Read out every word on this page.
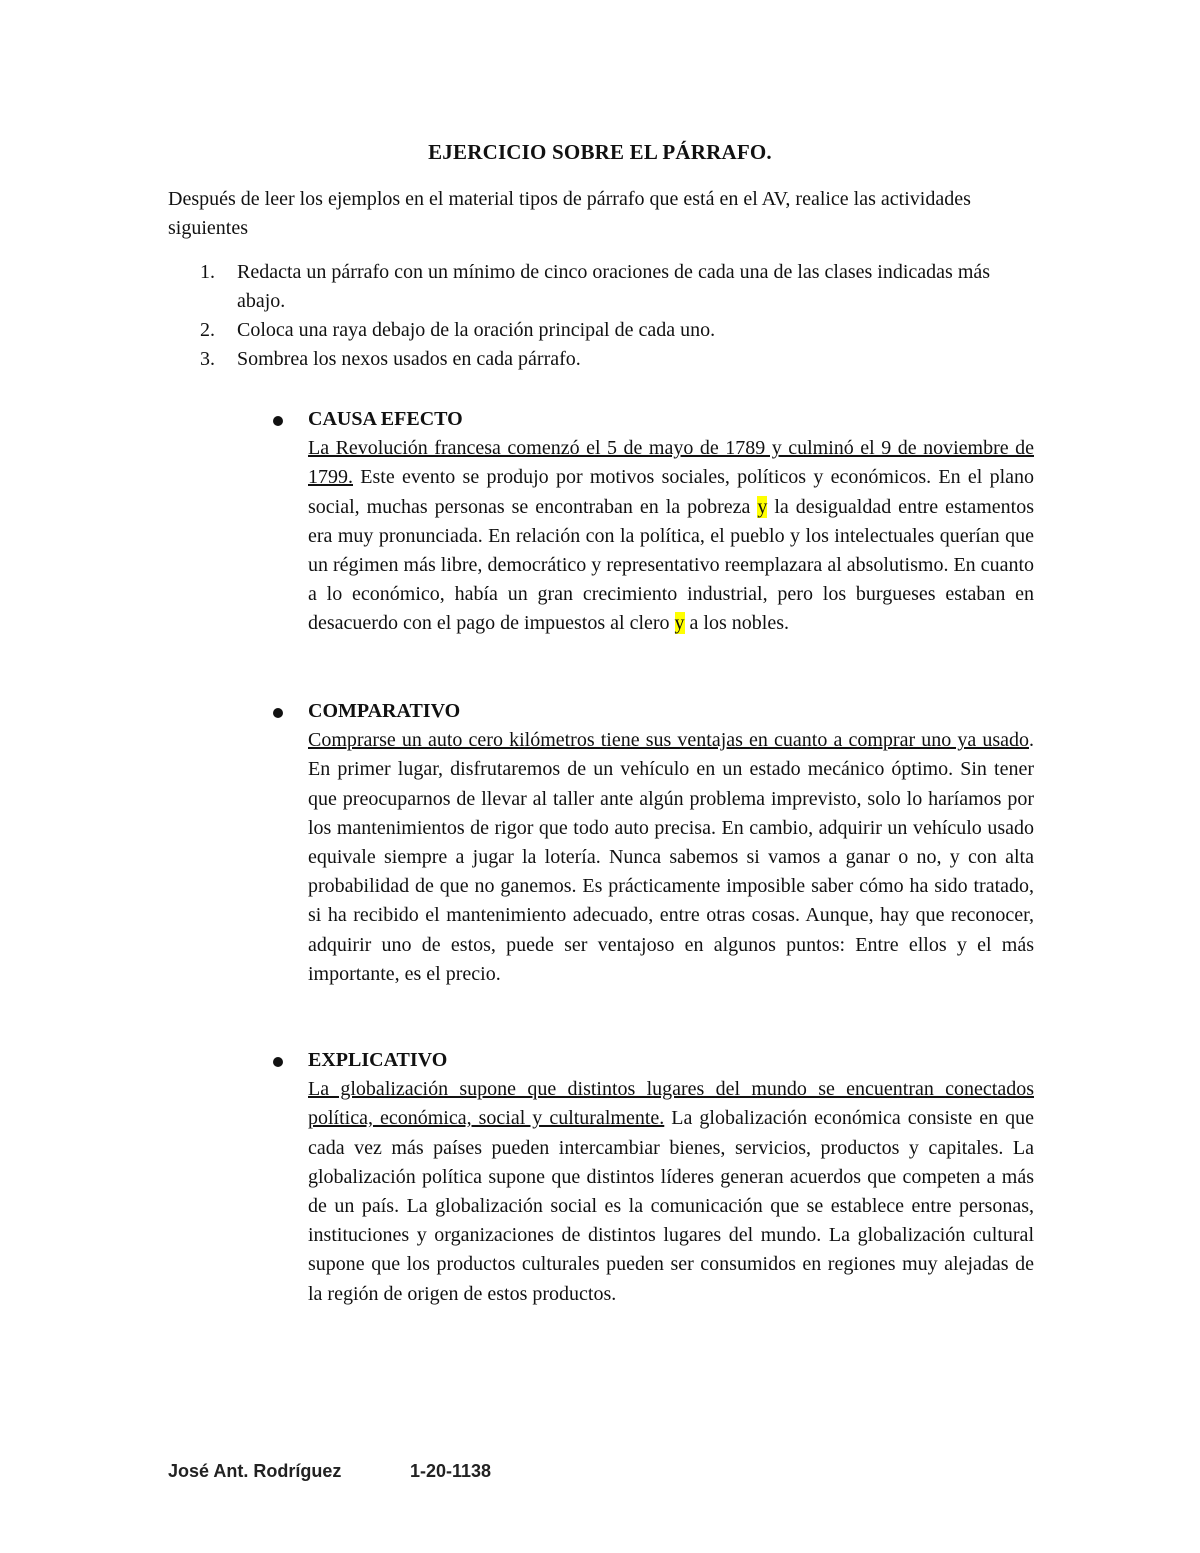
EJERCICIO SOBRE EL PÁRRAFO.

Después de leer los ejemplos en el material tipos de párrafo que está en el AV, realice las actividades siguientes

1. Redacta un párrafo con un mínimo de cinco oraciones de cada una de las clases indicadas más abajo.
2. Coloca una raya debajo de la oración principal de cada uno.
3. Sombrea los nexos usados en cada párrafo.

CAUSA EFECTO

La Revolución francesa comenzó el 5 de mayo de 1789 y culminó el 9 de noviembre de 1799. Este evento se produjo por motivos sociales, políticos y económicos. En el plano social, muchas personas se encontraban en la pobreza y la desigualdad entre estamentos era muy pronunciada. En relación con la política, el pueblo y los intelectuales querían que un régimen más libre, democrático y representativo reemplazara al absolutismo. En cuanto a lo económico, había un gran crecimiento industrial, pero los burgueses estaban en desacuerdo con el pago de impuestos al clero y a los nobles.

COMPARATIVO

Comprarse un auto cero kilómetros tiene sus ventajas en cuanto a comprar uno ya usado. En primer lugar, disfrutaremos de un vehículo en un estado mecánico óptimo. Sin tener que preocuparnos de llevar al taller ante algún problema imprevisto, solo lo haríamos por los mantenimientos de rigor que todo auto precisa. En cambio, adquirir un vehículo usado equivale siempre a jugar la lotería. Nunca sabemos si vamos a ganar o no, y con alta probabilidad de que no ganemos. Es prácticamente imposible saber cómo ha sido tratado, si ha recibido el mantenimiento adecuado, entre otras cosas. Aunque, hay que reconocer, adquirir uno de estos, puede ser ventajoso en algunos puntos: Entre ellos y el más importante, es el precio.

EXPLICATIVO

La globalización supone que distintos lugares del mundo se encuentran conectados política, económica, social y culturalmente. La globalización económica consiste en que cada vez más países pueden intercambiar bienes, servicios, productos y capitales. La globalización política supone que distintos líderes generan acuerdos que competen a más de un país. La globalización social es la comunicación que se establece entre personas, instituciones y organizaciones de distintos lugares del mundo. La globalización cultural supone que los productos culturales pueden ser consumidos en regiones muy alejadas de la región de origen de estos productos.

José Ant. Rodríguez	1-20-1138
